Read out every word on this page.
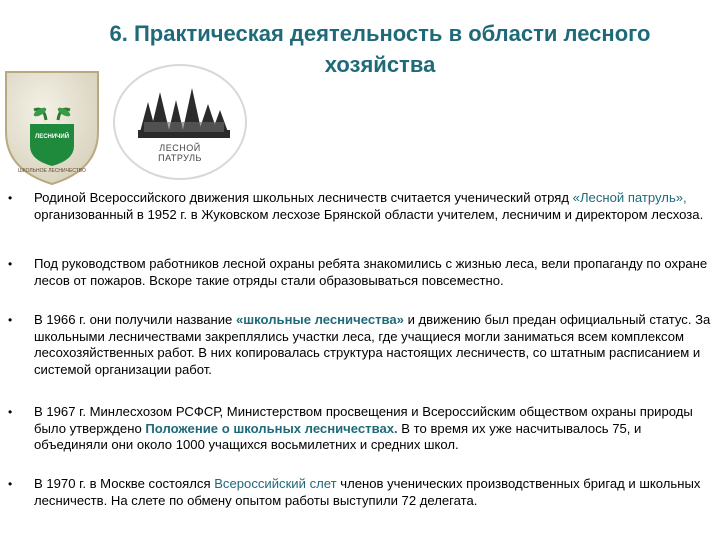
6. Практическая деятельность в области лесного
хозяйства
ЛЕСНИЧИЙ
ШКОЛЬНОЕ ЛЕСНИЧЕСТВО
ЛЕСНОЙ ПАТРУЛЬ
• Родиной Всероссийского движения школьных лесничеств считается ученический отряд «Лесной патруль», организованный в 1952 г. в Жуковском лесхозе Брянской области учителем, лесничим и директором лесхоза.
• Под руководством работников лесной охраны ребята знакомились с жизнью леса, вели пропаганду по охране лесов от пожаров. Вскоре такие отряды стали образовываться повсеместно.
• В 1966 г. они получили название «школьные лесничества» и движению был предан официальный статус. За школьными лесничествами закреплялись участки леса, где учащиеся могли заниматься всем комплексом лесохозяйственных работ. В них копировалась структура настоящих лесничеств, со штатным расписанием и системой организации работ.
• В 1967 г. Минлесхозом РСФСР, Министерством просвещения и Всероссийским обществом охраны природы было утверждено Положение о школьных лесничествах. В то время их уже насчитывалось 75, и объединяли они около 1000 учащихся восьмилетних и средних школ.
• В 1970 г. в Москве состоялся Всероссийский слет членов ученических производственных бригад и школьных лесничеств. На слете по обмену опытом работы выступили 72 делегата.
